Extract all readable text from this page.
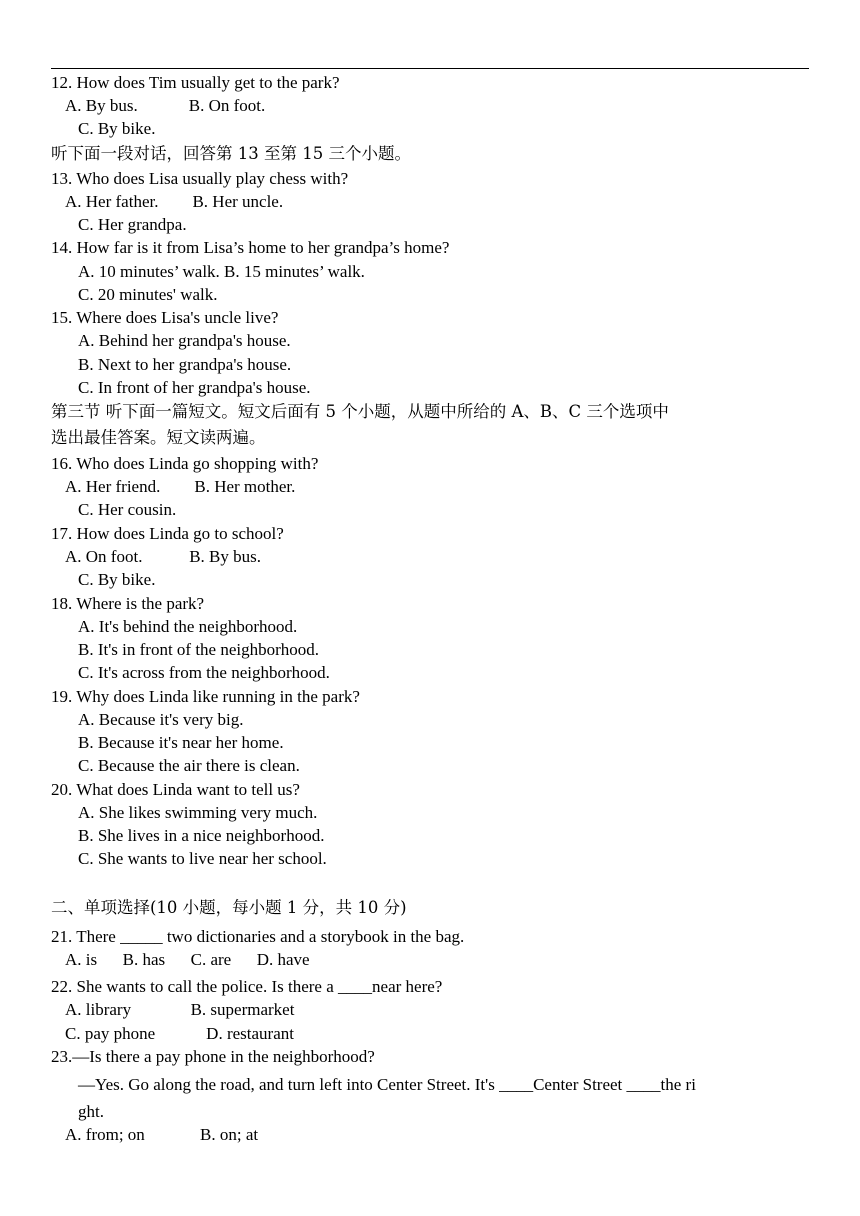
12. How does Tim usually get to the park?
A. By bus.            B. On foot.
C. By bike.
听下面一段对话，回答第 13 至第 15 三个小题。
13. Who does Lisa usually play chess with?
A. Her father.        B. Her uncle.
C. Her grandpa.
14. How far is it from Lisa’s home to her grandpa’s home?
A. 10 minutes’ walk. B. 15 minutes’ walk.
C. 20 minutes' walk.
15. Where does Lisa's uncle live?
A. Behind her grandpa's house.
B. Next to her grandpa's house.
C. In front of her grandpa's house.
第三节 听下面一篇短文。短文后面有 5 个小题，从题中所给的 A、B、C 三个选项中
选出最佳答案。短文读两遍。
16. Who does Linda go shopping with?
A. Her friend.        B. Her mother.
C. Her cousin.
17. How does Linda go to school?
A. On foot.           B. By bus.
C. By bike.
18. Where is the park?
A. It's behind the neighborhood.
B. It's in front of the neighborhood.
C. It's across from the neighborhood.
19. Why does Linda like running in the park?
A. Because it's very big.
B. Because it's near her home.
C. Because the air there is clean.
20. What does Linda want to tell us?
A. She likes swimming very much.
B. She lives in a nice neighborhood.
C. She wants to live near her school.
二、单项选择(10 小题，每小题 1 分，共 10 分)
21. There _____ two dictionaries and a storybook in the bag.
A. is      B. has      C. are      D. have
22. She wants to call the police. Is there a ____near here?
A. library              B. supermarket
C. pay phone            D. restaurant
23.—Is there a pay phone in the neighborhood?
—Yes. Go along the road, and turn left into Center Street. It's ____Center Street ____the ri
ght.
A. from; on             B. on; at
